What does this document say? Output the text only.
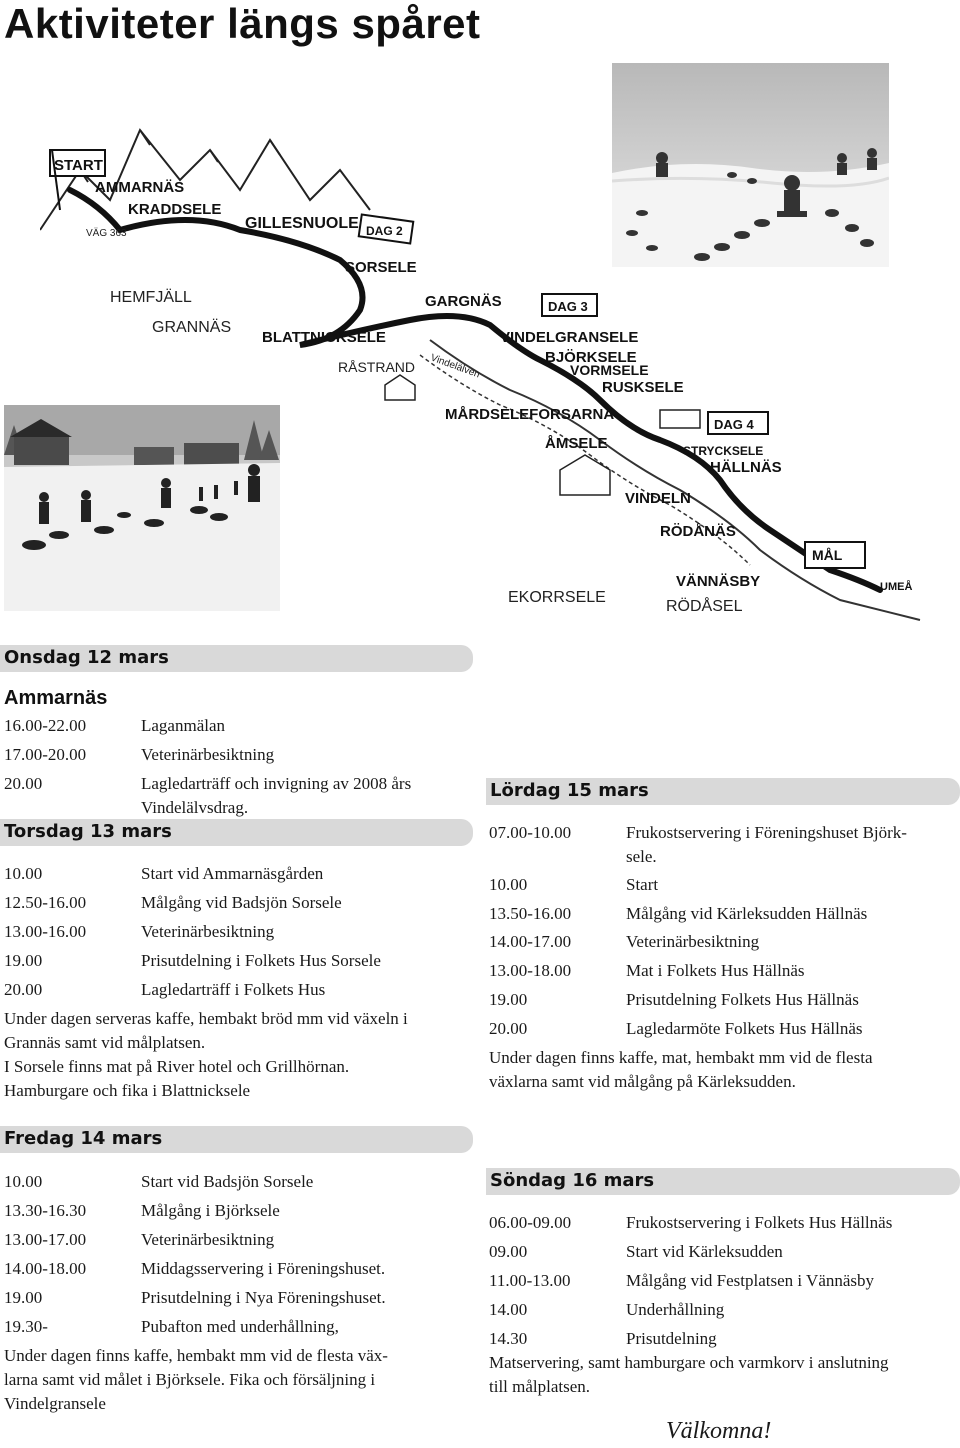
Aktiviteter längs spåret
START
AMMARNÄS
KRADDSELE
VÄG 363
GILLESNUOLE DAG 2
SORSELE
HEMFJÄLL
GRANNÄS
BLATTNICKSELE
GARGNÄS	DAG 3
RÅSTRAND Vindelälven
VINDELGRANSELE
BJÖRKSELE
VORMSELE
RUSKSELE
MÅRDSELEFORSARNA
DAG 4
ÅMSELE	STRYCKSELE
HÄLLNÄS
VINDELN
RÖDÅNÄS
MÅL
EKORRSELE
VÄNNÄSBY
RÖDÅSEL
UMEÅ
Onsdag 12 mars
Ammarnäs
16.00-22.00	Laganmälan
17.00-20.00	Veterinärbesiktning
20.00	Lagledarträff och invigning av 2008 års
Vindelälvsdrag.
Torsdag 13 mars
10.00	Start vid Ammarnäsgården
12.50-16.00	Målgång vid Badsjön Sorsele
13.00-16.00	Veterinärbesiktning
19.00	Prisutdelning i Folkets Hus Sorsele
20.00	Lagledarträff i Folkets Hus
Under dagen serveras kaffe, hembakt bröd mm vid växeln i
Grannäs samt vid målplatsen.
I Sorsele finns mat på River hotel och Grillhörnan.
Hamburgare och fika i Blattnicksele
Fredag 14 mars
10.00	Start vid Badsjön Sorsele
13.30-16.30	Målgång i Björksele
13.00-17.00	Veterinärbesiktning
14.00-18.00	Middagsservering i Föreningshuset.
19.00	Prisutdelning i Nya Föreningshuset.
19.30-	Pubafton med underhållning,
Under dagen finns kaffe, hembakt mm vid de flesta väx-
larna samt vid målet i Björksele. Fika och försäljning i
Vindelgransele
Lördag 15 mars
07.00-10.00	Frukostservering i Föreningshuset Björk-
sele.
10.00	Start
13.50-16.00	Målgång vid Kärleksudden Hällnäs
14.00-17.00	Veterinärbesiktning
13.00-18.00	Mat i Folkets Hus Hällnäs
19.00	Prisutdelning Folkets Hus Hällnäs
20.00	Lagledarmöte Folkets Hus Hällnäs
Under dagen finns kaffe, mat, hembakt mm vid de flesta
växlarna samt vid målgång på Kärleksudden.
Söndag 16 mars
06.00-09.00	Frukostservering i Folkets Hus Hällnäs
09.00	Start vid Kärleksudden
11.00-13.00	Målgång vid Festplatsen i Vännäsby
14.00	Underhållning
14.30	Prisutdelning
Matservering, samt hamburgare och varmkorv i anslutning
till målplatsen.
Välkomna!
